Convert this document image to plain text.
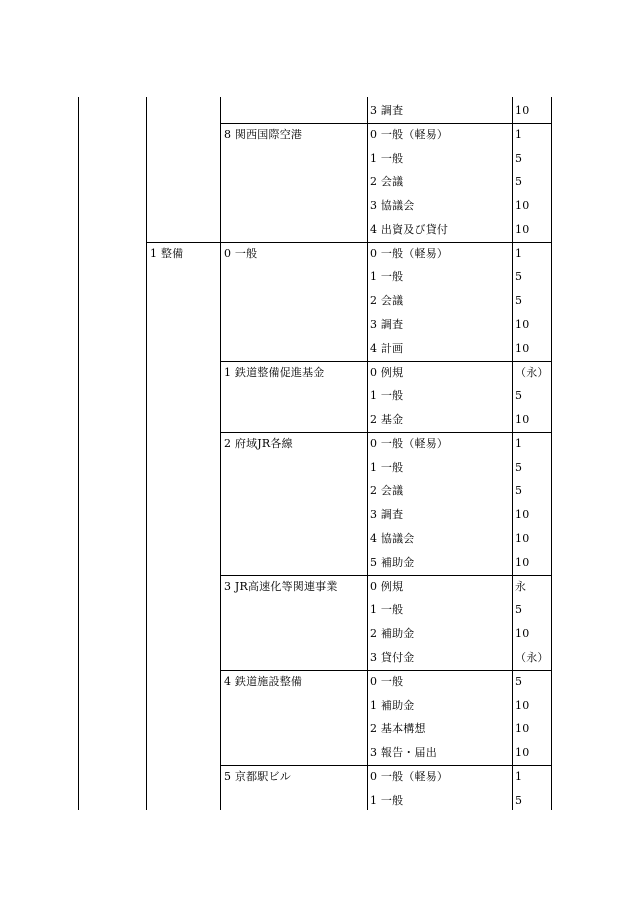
3 調査	10
8 関西国際空港	0 一般（軽易）	1
1 一般	5
2 会議	5
3 協議会	10
4 出資及び貸付	10
1 整備	0 一般	0 一般（軽易）	1
1 一般	5
2 会議	5
3 調査	10
4 計画	10
1 鉄道整備促進基金	0 例規	（永）
1 一般	5
2 基金	10
2 府域JR各線	0 一般（軽易）	1
1 一般	5
2 会議	5
3 調査	10
4 協議会	10
5 補助金	10
3 JR高速化等関連事業	0 例規	永
1 一般	5
2 補助金	10
3 貸付金	（永）
4 鉄道施設整備	0 一般	5
1 補助金	10
2 基本構想	10
3 報告・届出	10
5 京都駅ビル	0 一般（軽易）	1
1 一般	5
